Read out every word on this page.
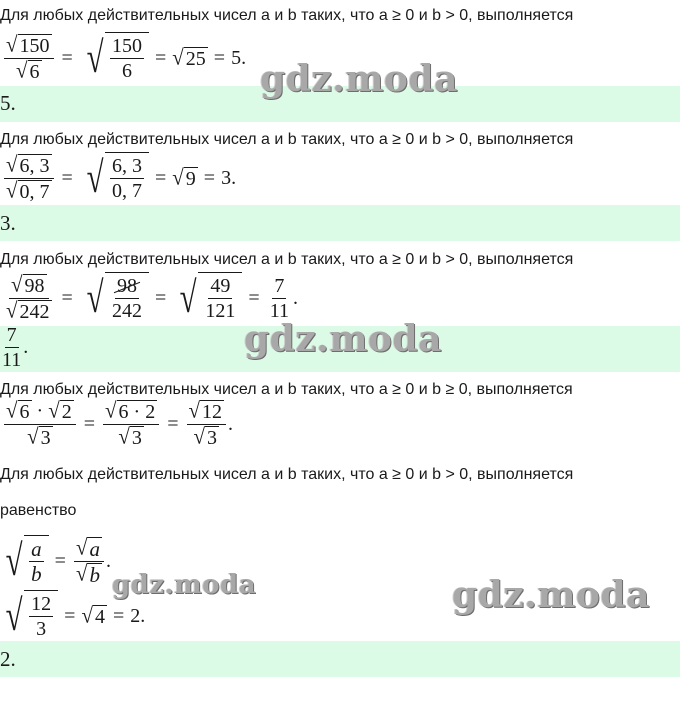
Для любых действительных чисел a и b таких, что a ≥ 0 и b > 0, выполняется
$\frac{√ 150}{√ 6}$ = √ $\frac{150}{6}$ = √ 25 = 5.
5.
Для любых действительных чисел a и b таких, что a ≥ 0 и b > 0, выполняется
$\frac{√ 6, 3}{√ 0, 7}$ = √ $\frac{6, 3}{0, 7}$ = √ 9 = 3.
3.
Для любых действительных чисел a и b таких, что a ≥ 0 и b > 0, выполняется
$\frac{√ 98}{√ 242}$ = √ $\frac{98}{242}$ = √ $\frac{49}{121} = \frac{7}{11}$ .
$\frac{7}{11}$ .
Для любых действительных чисел a и b таких, что a ≥ 0 и b ≥ 0, выполняется
$\frac{√ 6 \cdot √ 2}{√ 3} = \frac{√ 6 \cdot 2}{√ 3} = \frac{√ 12}{√ 3}$ .
Для любых действительных чисел a и b таких, что a ≥ 0 и b > 0, выполняется
равенство
√ $\frac{a}{b} = \frac{√ a}{√ b}$ .
√ $\frac{12}{3}$ = √ 4 = 2.
2.
gdz.moda
gdz.moda
gdz.moda	gdz.moda
